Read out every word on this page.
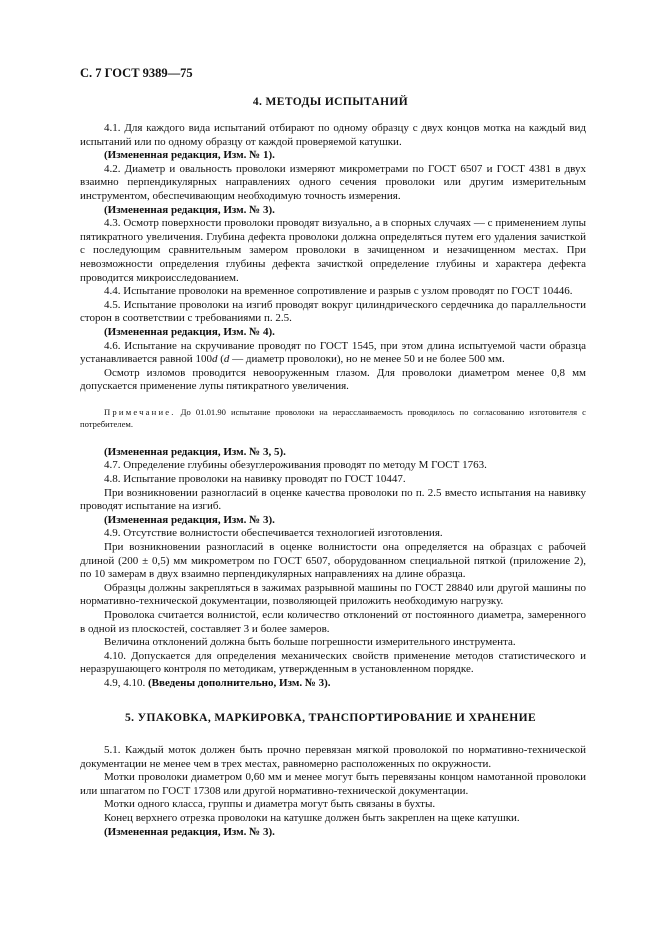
С. 7 ГОСТ 9389—75
4. МЕТОДЫ ИСПЫТАНИЙ

4.1. Для каждого вида испытаний отбирают по одному образцу с двух концов мотка на каждый вид испытаний или по одному образцу от каждой проверяемой катушки.

(Измененная редакция, Изм. № 1).

4.2. Диаметр и овальность проволоки измеряют микрометрами по ГОСТ 6507 и ГОСТ 4381 в двух взаимно перпендикулярных направлениях одного сечения проволоки или другим измерительным инструментом, обеспечивающим необходимую точность измерения.

(Измененная редакция, Изм. № 3).

4.3. Осмотр поверхности проволоки проводят визуально, а в спорных случаях — с применением лупы пятикратного увеличения. Глубина дефекта проволоки должна определяться путем его удаления зачисткой с последующим сравнительным замером проволоки в зачищенном и незачищенном местах. При невозможности определения глубины дефекта зачисткой определение глубины и характера дефекта проводится микроисследованием.

4.4. Испытание проволоки на временное сопротивление и разрыв с узлом проводят по ГОСТ 10446.

4.5. Испытание проволоки на изгиб проводят вокруг цилиндрического сердечника до параллельности сторон в соответствии с требованиями п. 2.5.

(Измененная редакция, Изм. № 4).

4.6. Испытание на скручивание проводят по ГОСТ 1545, при этом длина испытуемой части образца устанавливается равной 100d (d — диаметр проволоки), но не менее 50 и не более 500 мм.

Осмотр изломов проводится невооруженным глазом. Для проволоки диаметром менее 0,8 мм допускается применение лупы пятикратного увеличения.

Примечание. До 01.01.90 испытание проволоки на нерасслаиваемость проводилось по согласованию изготовителя с потребителем.

(Измененная редакция, Изм. № 3, 5).

4.7. Определение глубины обезуглероживания проводят по методу М ГОСТ 1763.

4.8. Испытание проволоки на навивку проводят по ГОСТ 10447.

При возникновении разногласий в оценке качества проволоки по п. 2.5 вместо испытания на навивку проводят испытание на изгиб.

(Измененная редакция, Изм. № 3).

4.9. Отсутствие волнистости обеспечивается технологией изготовления.

При возникновении разногласий в оценке волнистости она определяется на образцах с рабочей длиной (200 ± 0,5) мм микрометром по ГОСТ 6507, оборудованном специальной пяткой (приложение 2), по 10 замерам в двух взаимно перпендикулярных направлениях на длине образца.

Образцы должны закрепляться в зажимах разрывной машины по ГОСТ 28840 или другой машины по нормативно-технической документации, позволяющей приложить необходимую нагрузку.

Проволока считается волнистой, если количество отклонений от постоянного диаметра, замеренного в одной из плоскостей, составляет 3 и более замеров.

Величина отклонений должна быть больше погрешности измерительного инструмента.

4.10. Допускается для определения механических свойств применение методов статистического и неразрушающего контроля по методикам, утвержденным в установленном порядке.

4.9, 4.10. (Введены дополнительно, Изм. № 3).

5. УПАКОВКА, МАРКИРОВКА, ТРАНСПОРТИРОВАНИЕ И ХРАНЕНИЕ

5.1. Каждый моток должен быть прочно перевязан мягкой проволокой по нормативно-технической документации не менее чем в трех местах, равномерно расположенных по окружности.

Мотки проволоки диаметром 0,60 мм и менее могут быть перевязаны концом намотанной проволоки или шпагатом по ГОСТ 17308 или другой нормативно-технической документации.

Мотки одного класса, группы и диаметра могут быть связаны в бухты.

Конец верхнего отрезка проволоки на катушке должен быть закреплен на щеке катушки.

(Измененная редакция, Изм. № 3).
